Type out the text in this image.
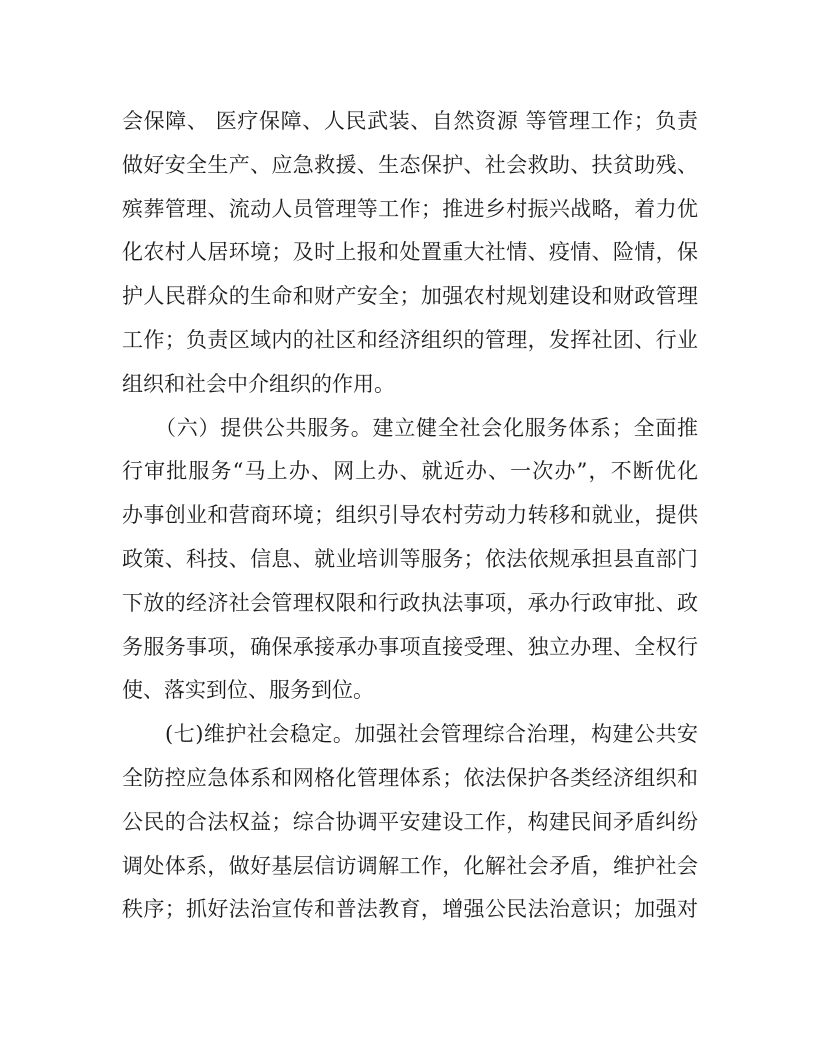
会保障、 医疗保障、人民武装、自然资源 等管理工作；负责
做好安全生产、应急救援、生态保护、社会救助、扶贫助残、
殡葬管理、流动人员管理等工作；推进乡村振兴战略，着力优
化农村人居环境；及时上报和处置重大社情、疫情、险情，保
护人民群众的生命和财产安全；加强农村规划建设和财政管理
工作；负责区域内的社区和经济组织的管理，发挥社团、行业
组织和社会中介组织的作用。
　　（六）提供公共服务。建立健全社会化服务体系；全面推
行审批服务“马上办、网上办、就近办、一次办”，不断优化
办事创业和营商环境；组织引导农村劳动力转移和就业，提供
政策、科技、信息、就业培训等服务；依法依规承担县直部门
下放的经济社会管理权限和行政执法事项，承办行政审批、政
务服务事项，确保承接承办事项直接受理、独立办理、全权行
使、落实到位、服务到位。
　　(七)维护社会稳定。加强社会管理综合治理，构建公共安
全防控应急体系和网格化管理体系；依法保护各类经济组织和
公民的合法权益；综合协调平安建设工作，构建民间矛盾纠纷
调处体系，做好基层信访调解工作，化解社会矛盾，维护社会
秩序；抓好法治宣传和普法教育，增强公民法治意识；加强对
